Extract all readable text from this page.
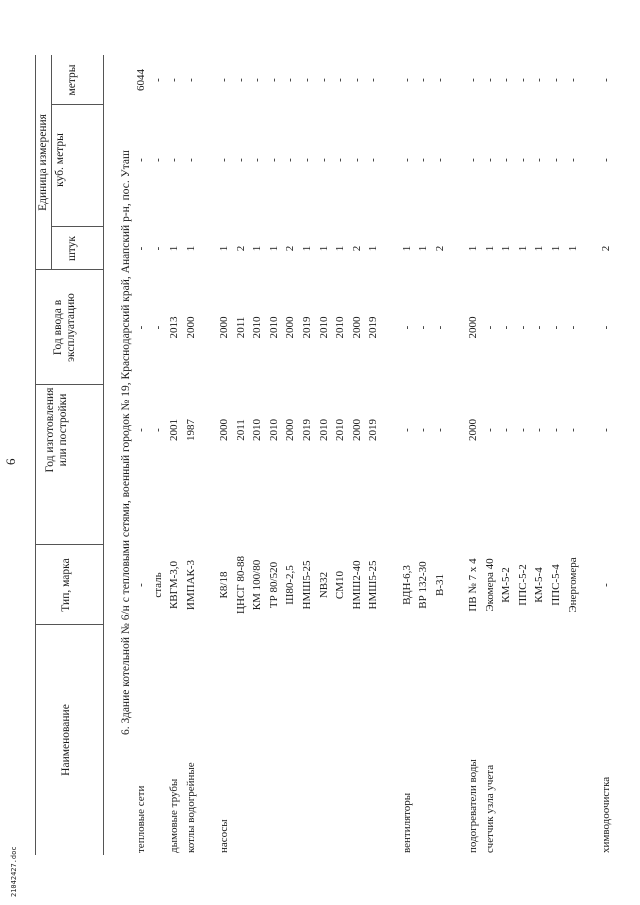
21042427.doc
6
Наименование
Тип, марка
Год изготовления или постройки
Год ввода в эксплуатацию
Единица измерения
штук
куб. метры
метры
6. Здание котельной № 6/н с тепловыми сетями, военный городок № 19, Краснодарский край, Анапский р-н, пос. Уташ
тепловые сети
-
-
-
-
-
6044
сталь
-
-
-
-
-
дымовые трубы
КВГМ-3,0
2001
2013
1
-
-
котлы водогрейные
ИМПАК-3
1987
2000
1
-
-
насосы
К8/18
2000
2000
1
-
-
ЦНСГ 80-88
2011
2011
2
-
-
КМ 100/80
2010
2010
1
-
-
ТР 80/520
2010
2010
1
-
-
Ш80-2,5
2000
2000
2
-
-
НМШ5-25
2019
2019
1
-
-
NB32
2010
2010
1
-
-
CM10
2010
2010
1
-
-
НМШ2-40
2000
2000
2
-
-
НМШ5-25
2019
2019
1
-
-
вентиляторы
ВДН-6,3
-
-
1
-
-
ВР 132-30
-
-
1
-
-
В-31
-
-
2
-
-
подогреватели воды
ПВ № 7 х 4
2000
2000
1
-
-
счетчик узла учета
Экомера 40
-
-
1
-
-
КМ-5-2
-
-
1
-
-
ППС-5-2
-
-
1
-
-
КМ-5-4
-
-
1
-
-
ППС-5-4
-
-
1
-
-
Энергомера
-
-
1
-
-
химводоочистка
-
-
-
2
-
-
